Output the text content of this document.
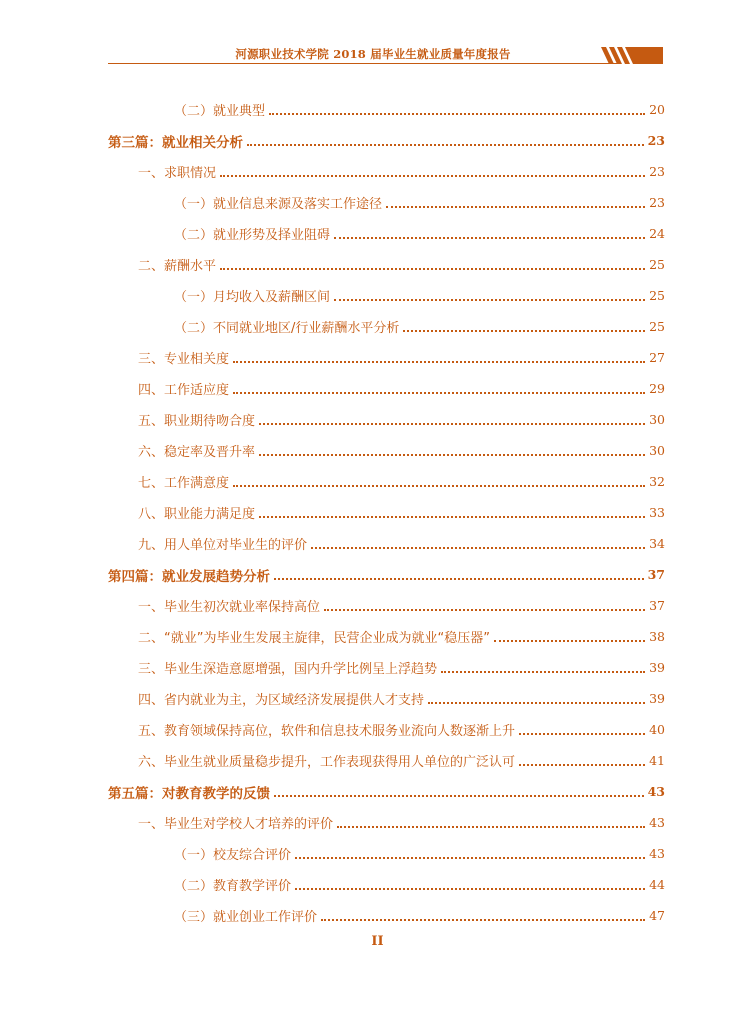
河源职业技术学院 2018 届毕业生就业质量年度报告
（二）就业典型	20
第三篇：就业相关分析	23
一、求职情况	23
（一）就业信息来源及落实工作途径	23
（二）就业形势及择业阻碍	24
二、薪酬水平	25
（一）月均收入及薪酬区间	25
（二）不同就业地区/行业薪酬水平分析	25
三、专业相关度	27
四、工作适应度	29
五、职业期待吻合度	30
六、稳定率及晋升率	30
七、工作满意度	32
八、职业能力满足度	33
九、用人单位对毕业生的评价	34
第四篇：就业发展趋势分析	37
一、毕业生初次就业率保持高位	37
二、“就业”为毕业生发展主旋律，民营企业成为就业“稳压器”	38
三、毕业生深造意愿增强，国内升学比例呈上浮趋势	39
四、省内就业为主，为区域经济发展提供人才支持	39
五、教育领域保持高位，软件和信息技术服务业流向人数逐渐上升	40
六、毕业生就业质量稳步提升，工作表现获得用人单位的广泛认可	41
第五篇：对教育教学的反馈	43
一、毕业生对学校人才培养的评价	43
（一）校友综合评价	43
（二）教育教学评价	44
（三）就业创业工作评价	47
II
